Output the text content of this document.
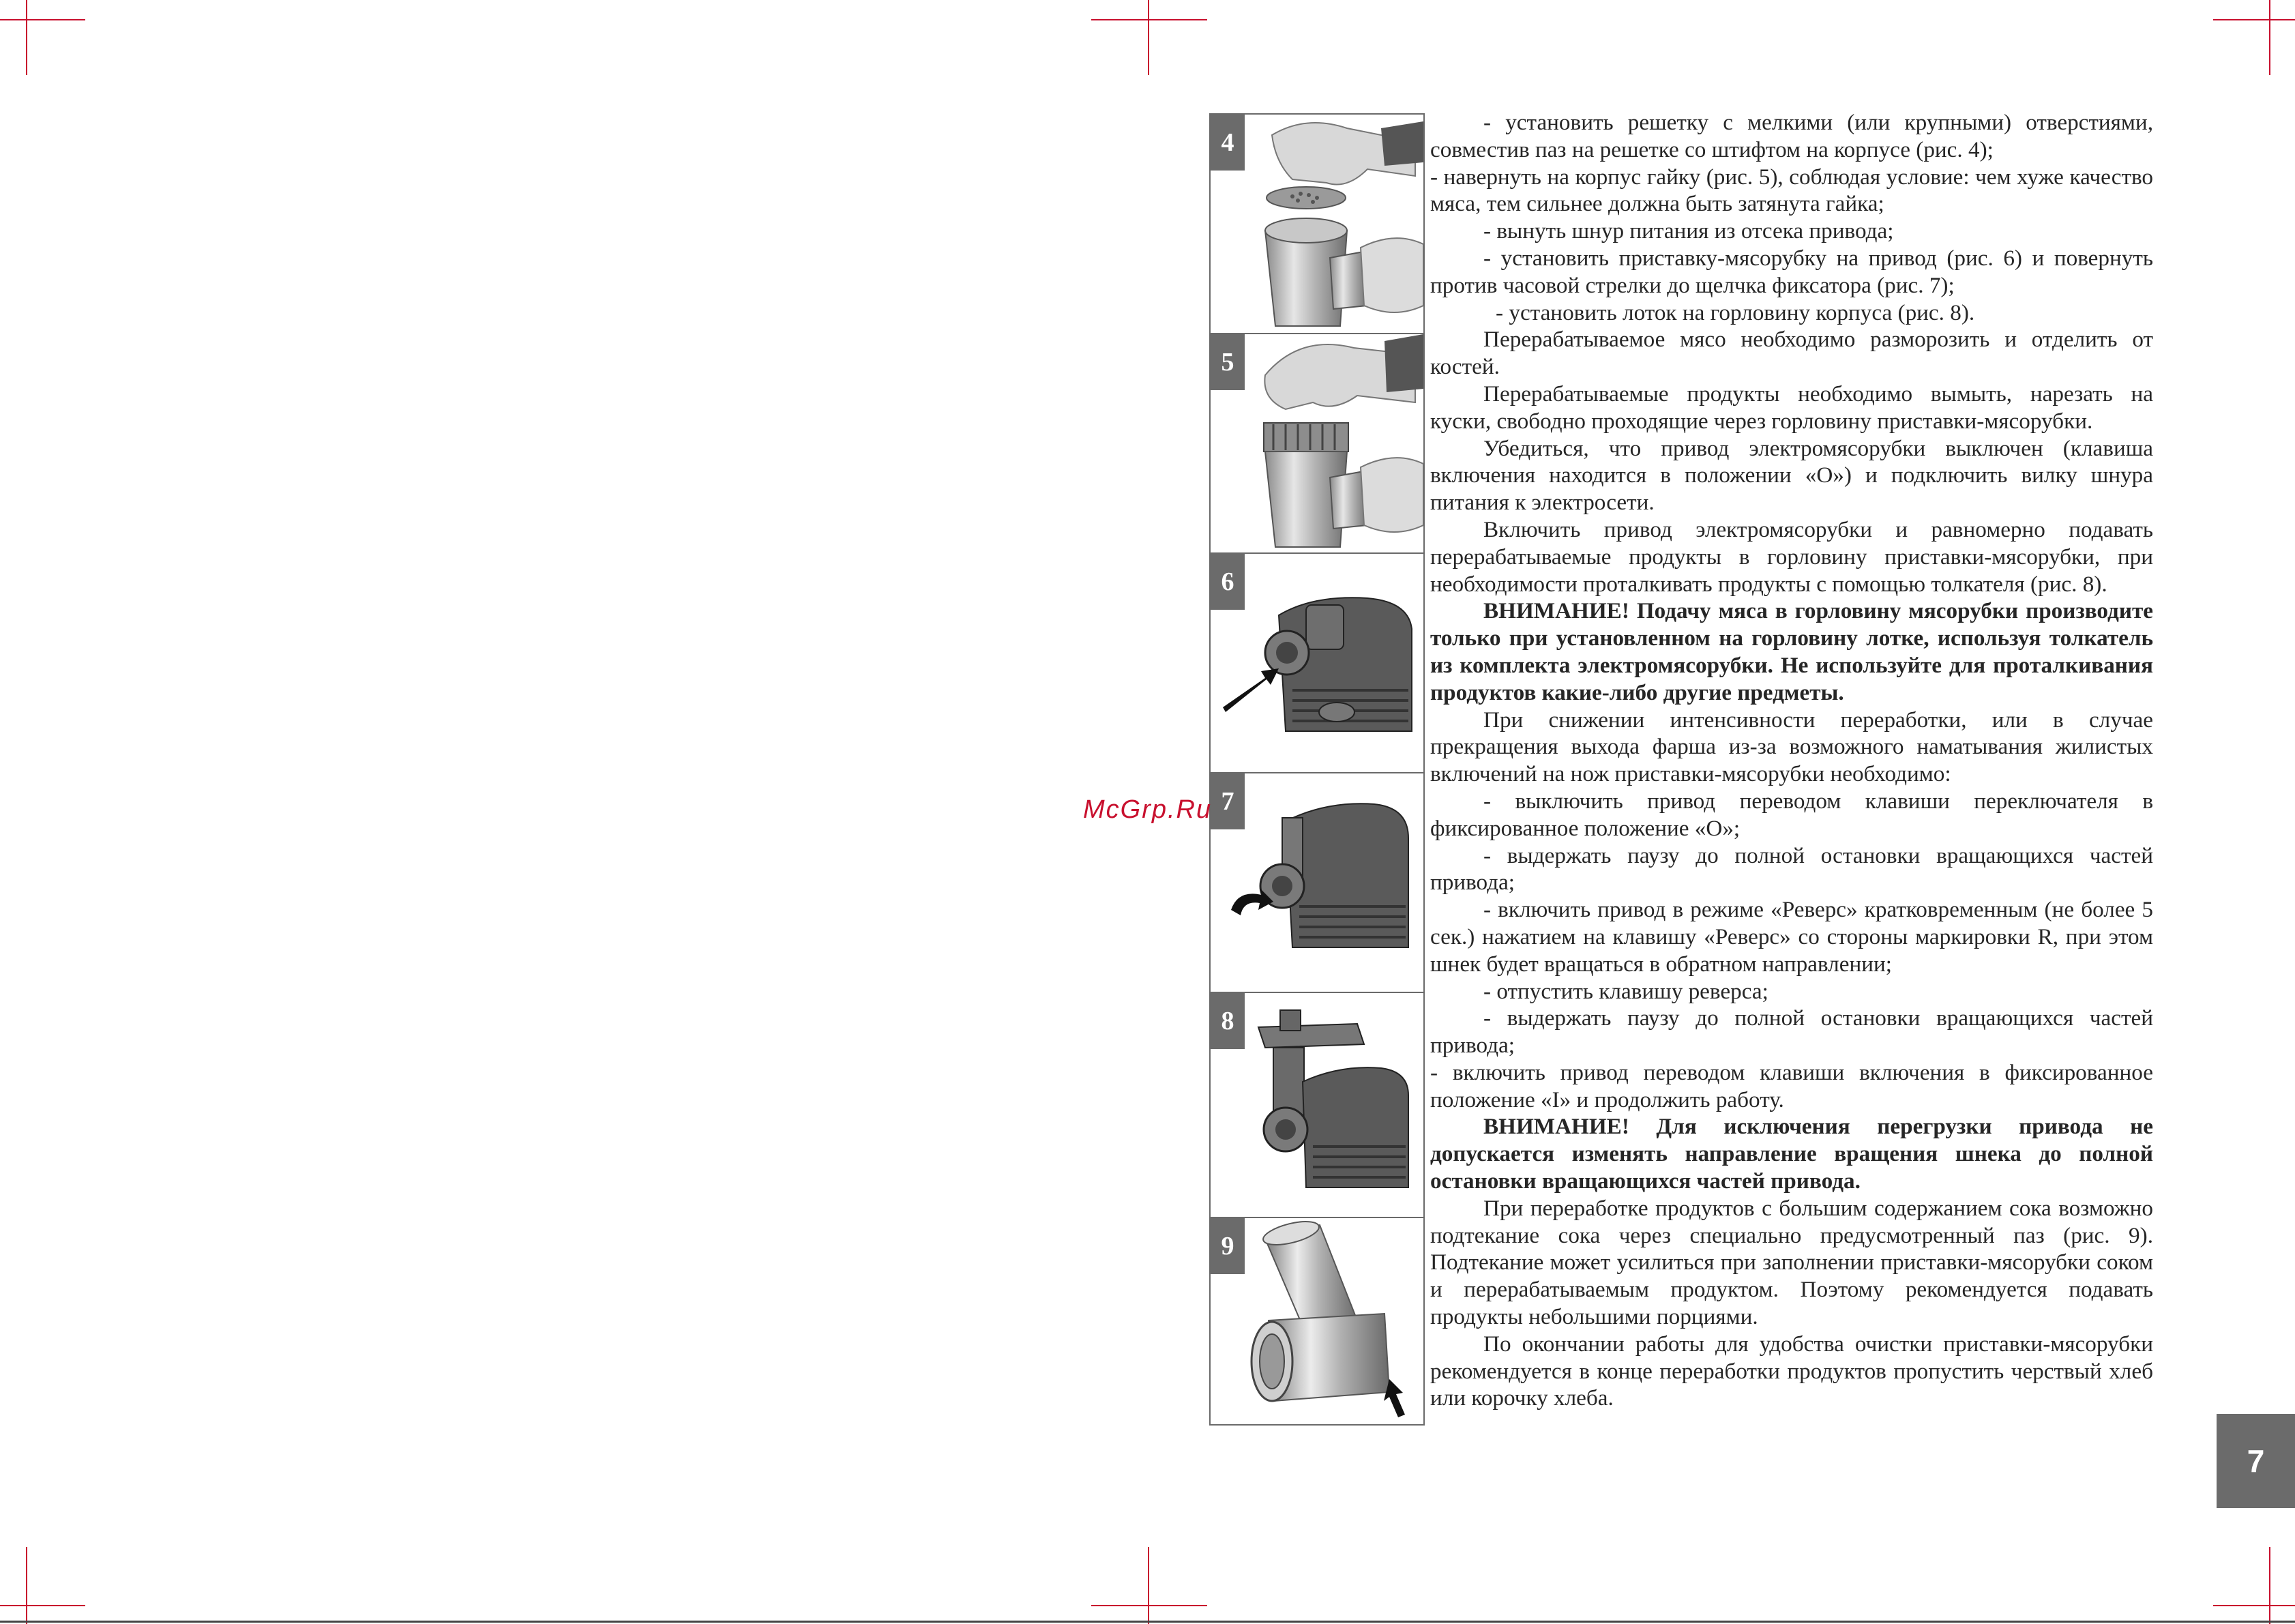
4
5
6
7
8
9

- установить решетку с мелкими (или крупными) отверстиями, совместив паз на решетке со штифтом на корпусе (рис. 4);

- навернуть на корпус гайку (рис. 5), соблюдая условие: чем хуже качество мяса, тем сильнее должна быть затянута гайка;

- вынуть шнур питания из отсека привода;

- установить приставку-мясорубку на привод (рис. 6) и повернуть против часовой стрелки до щелчка фиксатора (рис. 7);

- установить лоток на горловину корпуса (рис. 8).

Перерабатываемое мясо необходимо разморозить и отделить от костей.

Перерабатываемые продукты необходимо вымыть, нарезать на куски, свободно проходящие через горловину приставки-мясорубки.

Убедиться, что привод электромясорубки выключен (клавиша включения находится в положении «О») и подключить вилку шнура питания к электросети.

Включить привод электромясорубки и равномерно подавать перерабатываемые продукты в горловину приставки-мясорубки, при необходимости проталкивать продукты с помощью толкателя (рис. 8).

ВНИМАНИЕ! Подачу мяса в горловину мясорубки производите только при установленном на горловину лотке, используя толкатель из комплекта электромясорубки. Не используйте для проталкивания продуктов какие-либо другие предметы.

При снижении интенсивности переработки, или в случае прекращения выхода фарша из-за возможного наматывания жилистых включений на нож приставки-мясорубки необходимо:

- выключить привод переводом клавиши переключателя в фиксированное положение «О»;

- выдержать паузу до полной остановки вращающихся частей привода;

- включить привод в режиме «Реверс» кратковременным (не более 5 сек.) нажатием на клавишу «Реверс» со стороны маркировки R, при этом шнек будет вращаться в обратном направлении;

- отпустить клавишу реверса;

- выдержать паузу до полной остановки вращающихся частей привода;

- включить привод переводом клавиши включения в фиксированное положение «I» и продолжить работу.

ВНИМАНИЕ! Для исключения перегрузки привода не допускается изменять направление вращения шнека до полной остановки вращающихся частей привода.

При переработке продуктов с большим содержанием сока возможно подтекание сока через специально предусмотренный паз (рис. 9). Подтекание может усилиться при заполнении приставки-мясорубки соком и перерабатываемым продуктом. Поэтому рекомендуется подавать продукты небольшими порциями.

По окончании работы для удобства очистки приставки-мясорубки рекомендуется в конце переработки продуктов пропустить черствый хлеб или корочку хлеба.

McGrp.Ru
7
